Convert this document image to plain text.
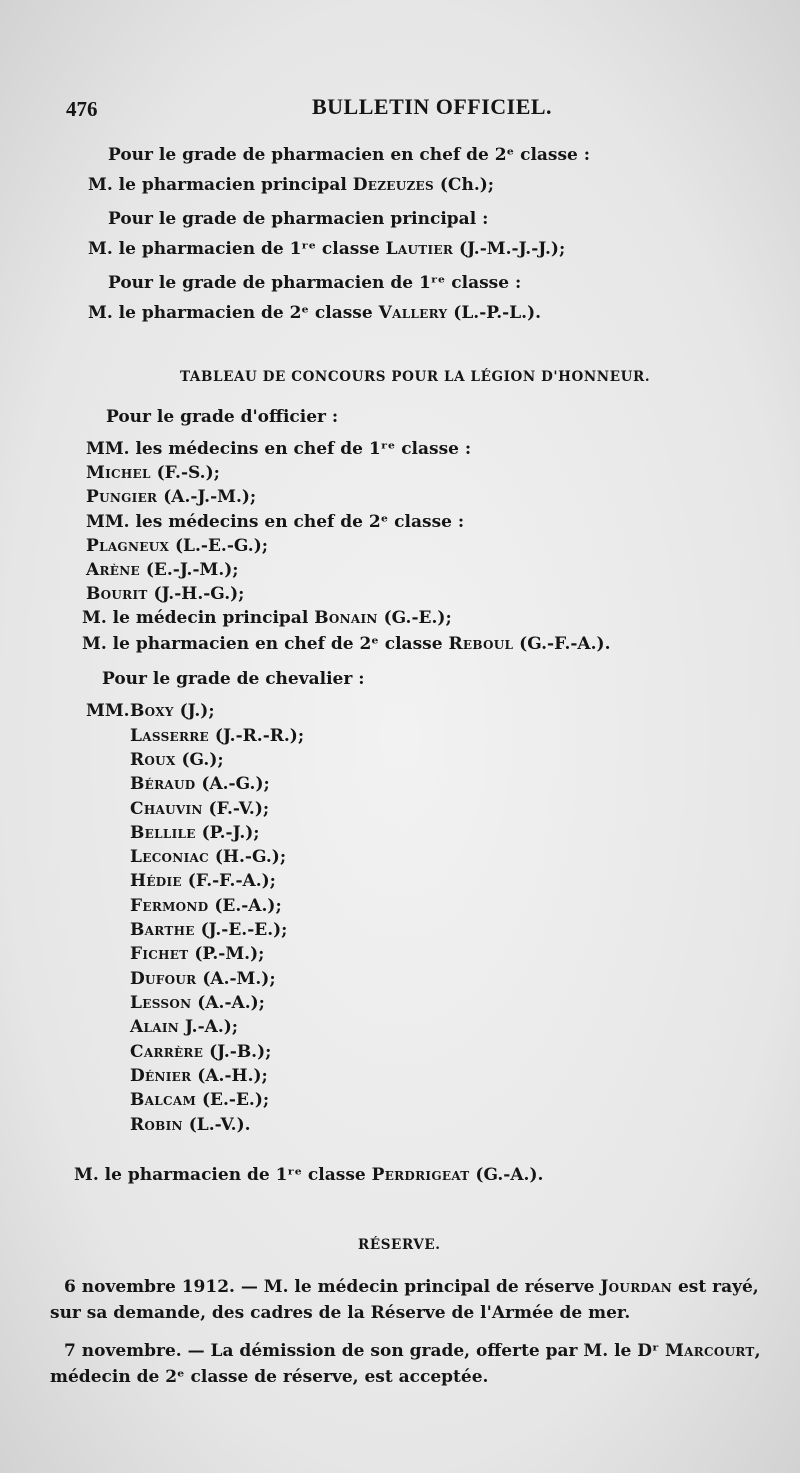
476	BULLETIN OFFICIEL.
Pour le grade de pharmacien en chef de 2ᵉ classe :
M. le pharmacien principal Dezeuzes (Ch.);
Pour le grade de pharmacien principal :
M. le pharmacien de 1ʳᵉ classe Lautier (J.-M.-J.-J.);
Pour le grade de pharmacien de 1ʳᵉ classe :
M. le pharmacien de 2ᵉ classe Vallery (L.-P.-L.).
TABLEAU DE CONCOURS POUR LA LÉGION D'HONNEUR.
Pour le grade d'officier :
MM. les médecins en chef de 1ʳᵉ classe :
Michel (F.-S.);
Pungier (A.-J.-M.);
MM. les médecins en chef de 2ᵉ classe :
Plagneux (L.-E.-G.);
Arène (E.-J.-M.);
Bourit (J.-H.-G.);
M. le médecin principal Bonain (G.-E.);
M. le pharmacien en chef de 2ᵉ classe Reboul (G.-F.-A.).
Pour le grade de chevalier :
MM. Boxy (J.);
Lasserre (J.-R.-R.);
Roux (G.);
Béraud (A.-G.);
Chauvin (F.-V.);
Bellile (P.-J.);
Leconiac (H.-G.);
Hédie (F.-F.-A.);
Fermond (E.-A.);
Barthe (J.-E.-E.);
Fichet (P.-M.);
Dufour (A.-M.);
Lesson (A.-A.);
Alain J.-A.);
Carrère (J.-B.);
Dénier (A.-H.);
Balcam (E.-E.);
Robin (L.-V.).
M. le pharmacien de 1ʳᵉ classe Perdrigeat (G.-A.).
RÉSERVE.
6 novembre 1912. — M. le médecin principal de réserve Jourdan est rayé,
sur sa demande, des cadres de la Réserve de l'Armée de mer.
7 novembre. — La démission de son grade, offerte par M. le Dʳ Marcourt,
médecin de 2ᵉ classe de réserve, est acceptée.
